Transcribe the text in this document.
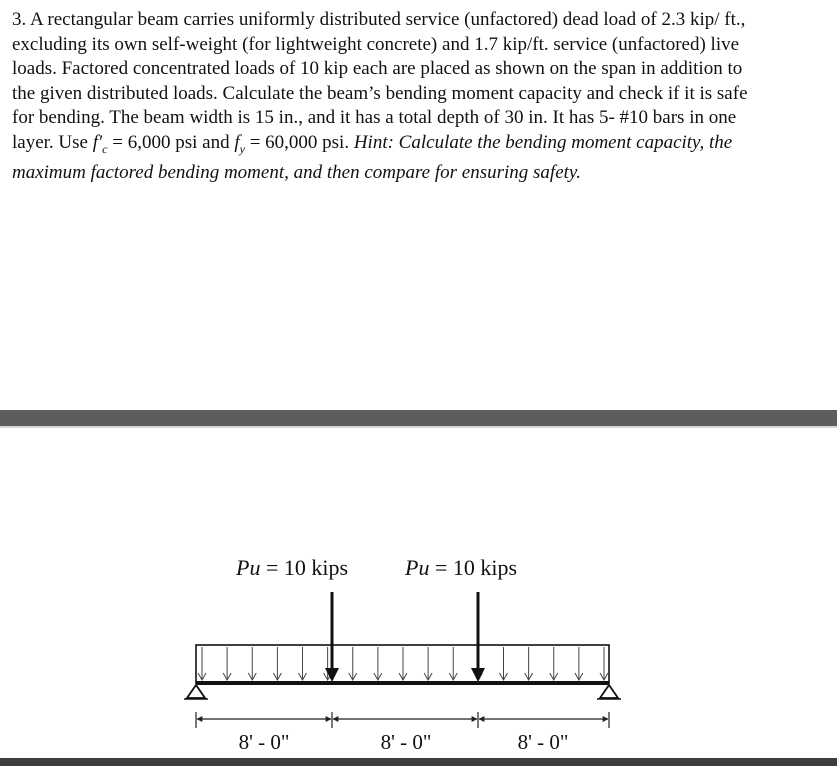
3. A rectangular beam carries uniformly distributed service (unfactored) dead load of 2.3 kip/ ft.,
excluding its own self-weight (for lightweight concrete) and 1.7 kip/ft. service (unfactored) live
loads. Factored concentrated loads of 10 kip each are placed as shown on the span in addition to
the given distributed loads. Calculate the beam’s bending moment capacity and check if it is safe
for bending. The beam width is 15 in., and it has a total depth of 30 in. It has 5- #10 bars in one
layer. Use $f'_c = 6,000$ psi and $f_y = 60,000$ psi. Hint: Calculate the bending moment capacity, the
maximum factored bending moment, and then compare for ensuring safety.
Pu = 10 kips	Pu = 10 kips
8' - 0"	8' - 0"	8' - 0"
